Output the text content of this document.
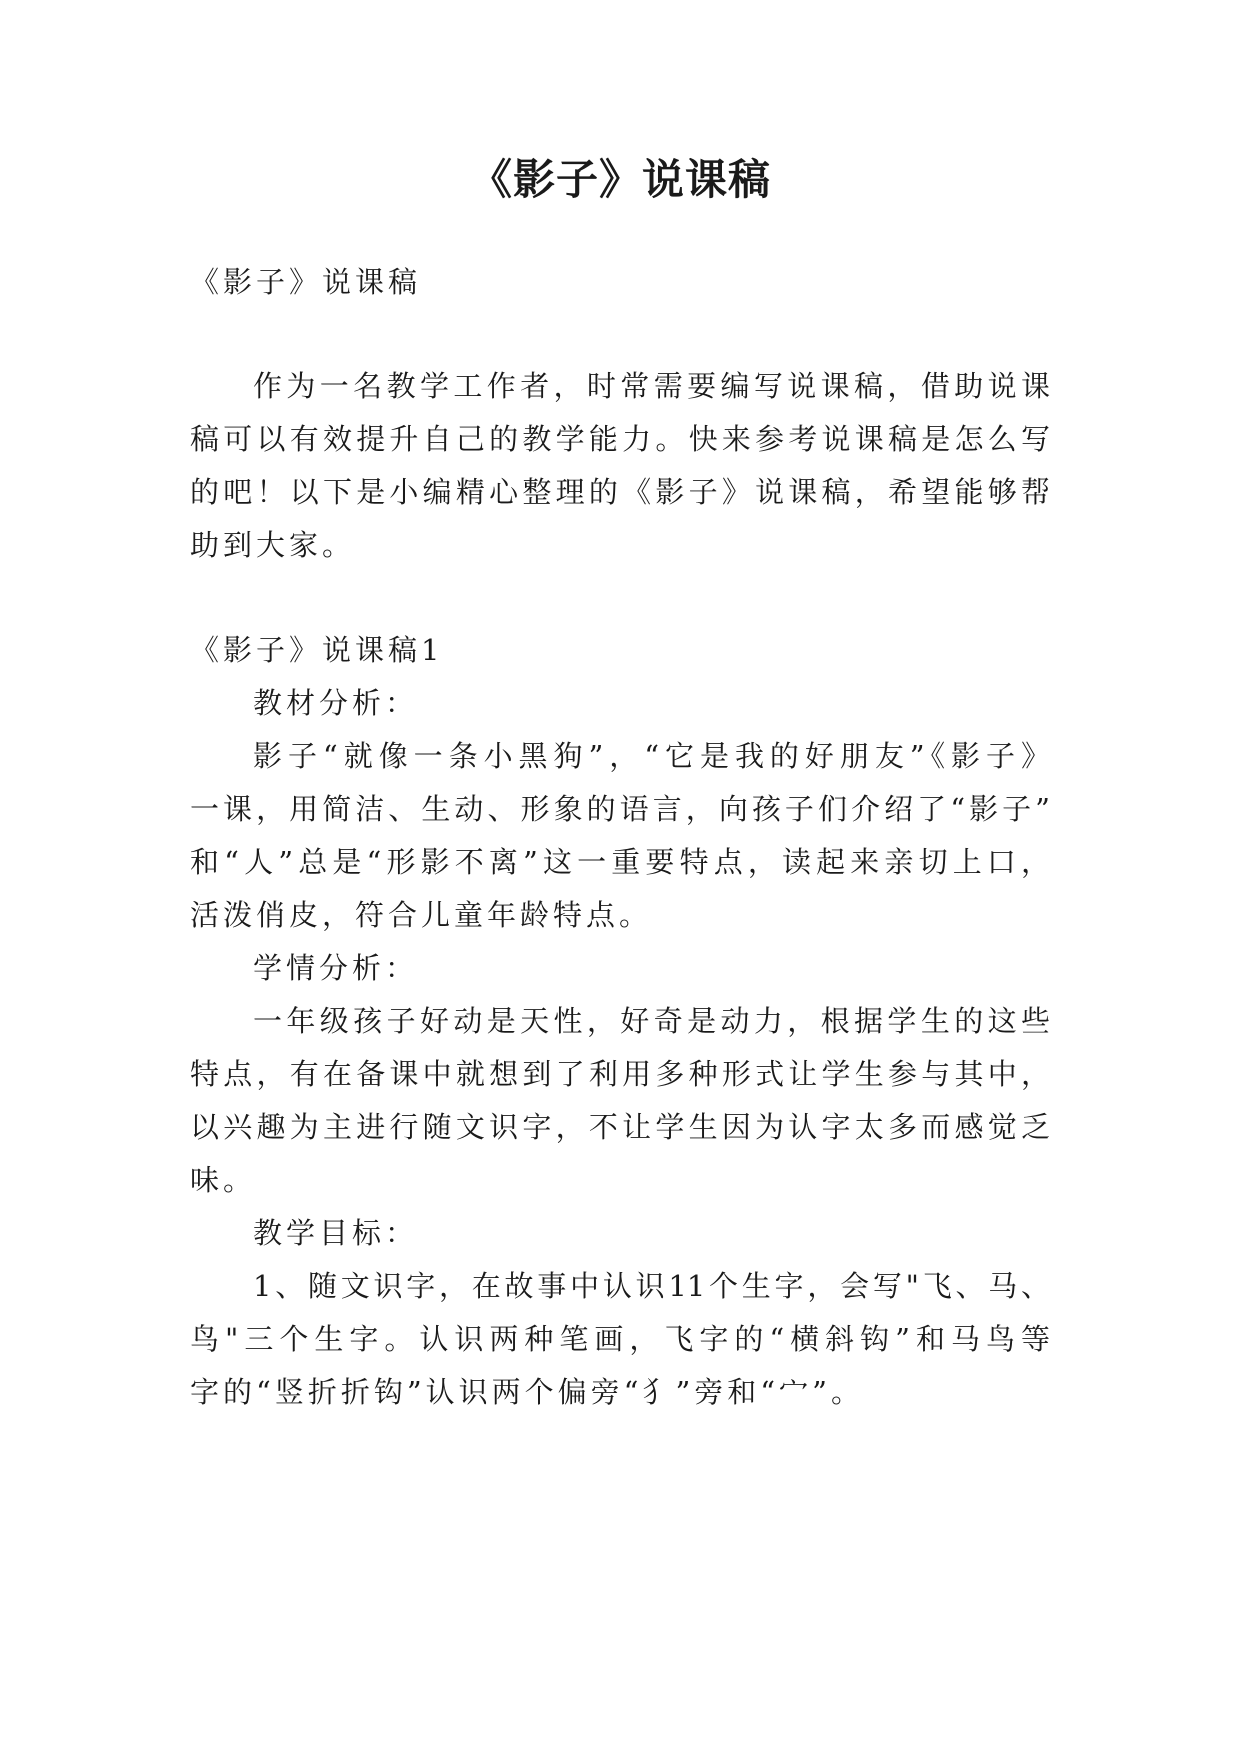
《影子》说课稿
《影子》说课稿
作为一名教学工作者，时常需要编写说课稿，借助说课
稿可以有效提升自己的教学能力。快来参考说课稿是怎么写
的吧！以下是小编精心整理的《影子》说课稿，希望能够帮
助到大家。
《影子》说课稿1
教材分析：
影子“就像一条小黑狗”，“它是我的好朋友”《影子》
一课，用简洁、生动、形象的语言，向孩子们介绍了“影子”
和“人”总是“形影不离”这一重要特点，读起来亲切上口，
活泼俏皮，符合儿童年龄特点。
学情分析：
一年级孩子好动是天性，好奇是动力，根据学生的这些
特点，有在备课中就想到了利用多种形式让学生参与其中，
以兴趣为主进行随文识字，不让学生因为认字太多而感觉乏
味。
教学目标：
1、随文识字，在故事中认识11个生字，会写"飞、马、
鸟"三个生字。认识两种笔画，飞字的“横斜钩”和马鸟等
字的“竖折折钩”认识两个偏旁“犭”旁和“宀”。
